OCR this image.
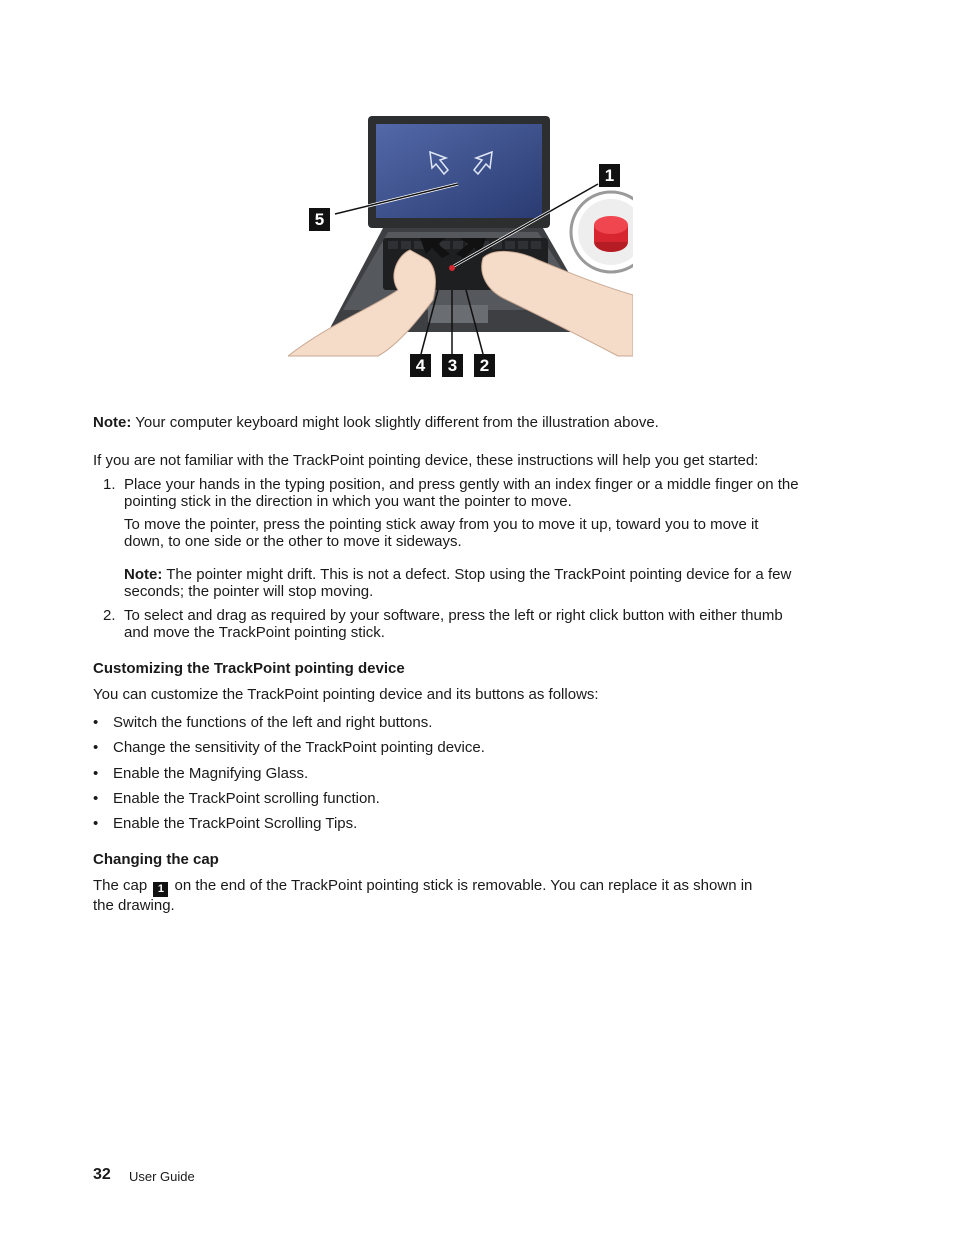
1
5
4	3	2

Note: Your computer keyboard might look slightly different from the illustration above.

If you are not familiar with the TrackPoint pointing device, these instructions will help you get started:

1. Place your hands in the typing position, and press gently with an index finger or a middle finger on the
pointing stick in the direction in which you want the pointer to move.

To move the pointer, press the pointing stick away from you to move it up, toward you to move it
down, to one side or the other to move it sideways.

Note: The pointer might drift. This is not a defect. Stop using the TrackPoint pointing device for a few
seconds; the pointer will stop moving.

2. To select and drag as required by your software, press the left or right click button with either thumb
and move the TrackPoint pointing stick.

Customizing the TrackPoint pointing device

You can customize the TrackPoint pointing device and its buttons as follows:

• Switch the functions of the left and right buttons.
• Change the sensitivity of the TrackPoint pointing device.
• Enable the Magnifying Glass.
• Enable the TrackPoint scrolling function.
• Enable the TrackPoint Scrolling Tips.
Changing the cap

The cap 1 on the end of the TrackPoint pointing stick is removable. You can replace it as shown in
the drawing.

32 User Guide
